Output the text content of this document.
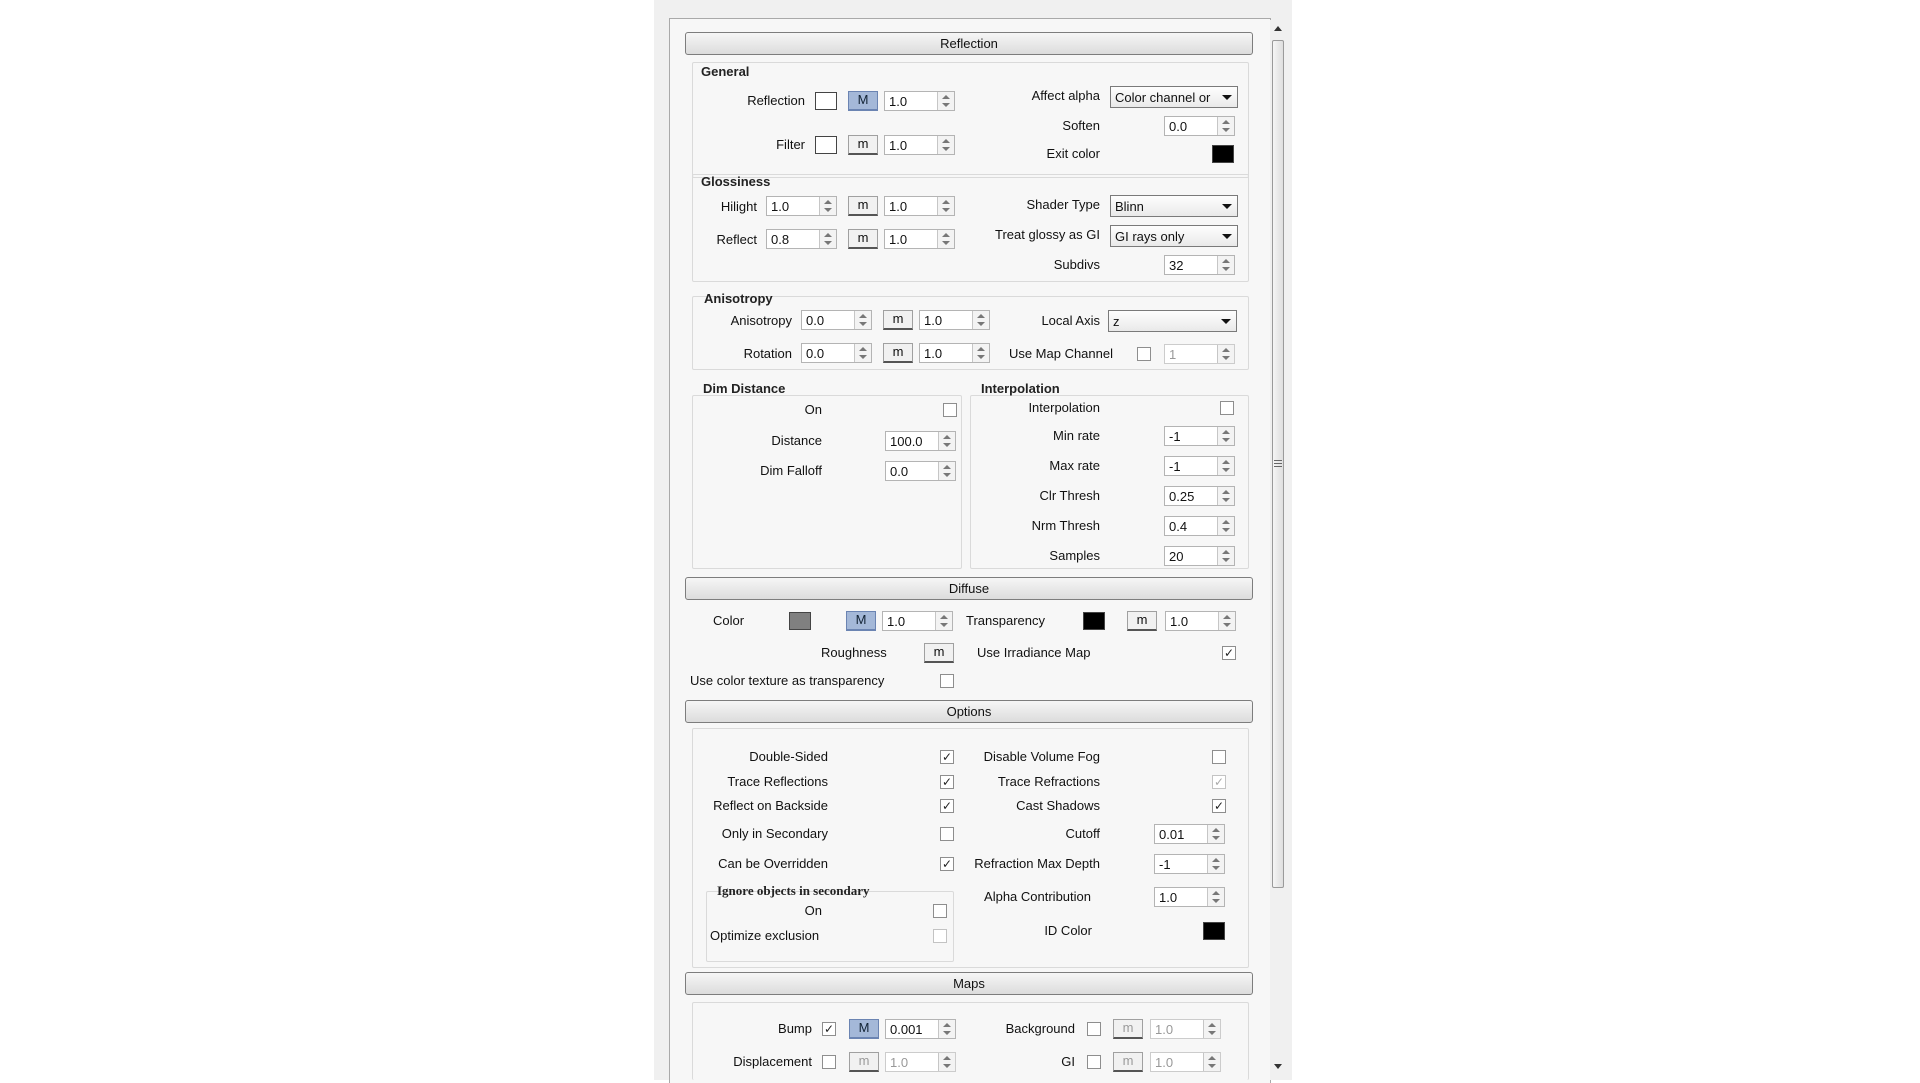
Reflection
General
Reflection	M	1.0
Filter	m	1.0
Affect alpha Color channel or
Soften	0.0
Exit color
Glossiness
Hilight 1.0	m	1.0
Reflect 0.8	m	1.0
Shader Type Blinn
Treat glossy as GI GI rays only
Subdivs	32
Anisotropy
Anisotropy 0.0	m	1.0
Rotation 0.0	m	1.0
Local Axis z
Use Map Channel	1
Dim Distance
On
Distance	100.0
Dim Falloff	0.0
Interpolation
Interpolation
Min rate	-1
Max rate	-1
Clr Thresh	0.25
Nrm Thresh	0.4
Samples	20
Diffuse
Color	M	1.0	Transparency	m	1.0
Roughness	m	Use Irradiance Map	✓
Use color texture as transparency
Options
Double-Sided	✓
Trace Reflections	✓
Reflect on Backside	✓
Only in Secondary
Can be Overridden	✓
Ignore objects in secondary
On
Optimize exclusion
Disable Volume Fog
Trace Refractions	✓
Cast Shadows	✓
Cutoff	0.01
Refraction Max Depth	-1
Alpha Contribution	1.0
ID Color
Maps
Bump ✓	M	0.001	Background	m	1.0
Displacement	m	1.0	GI	m	1.0
